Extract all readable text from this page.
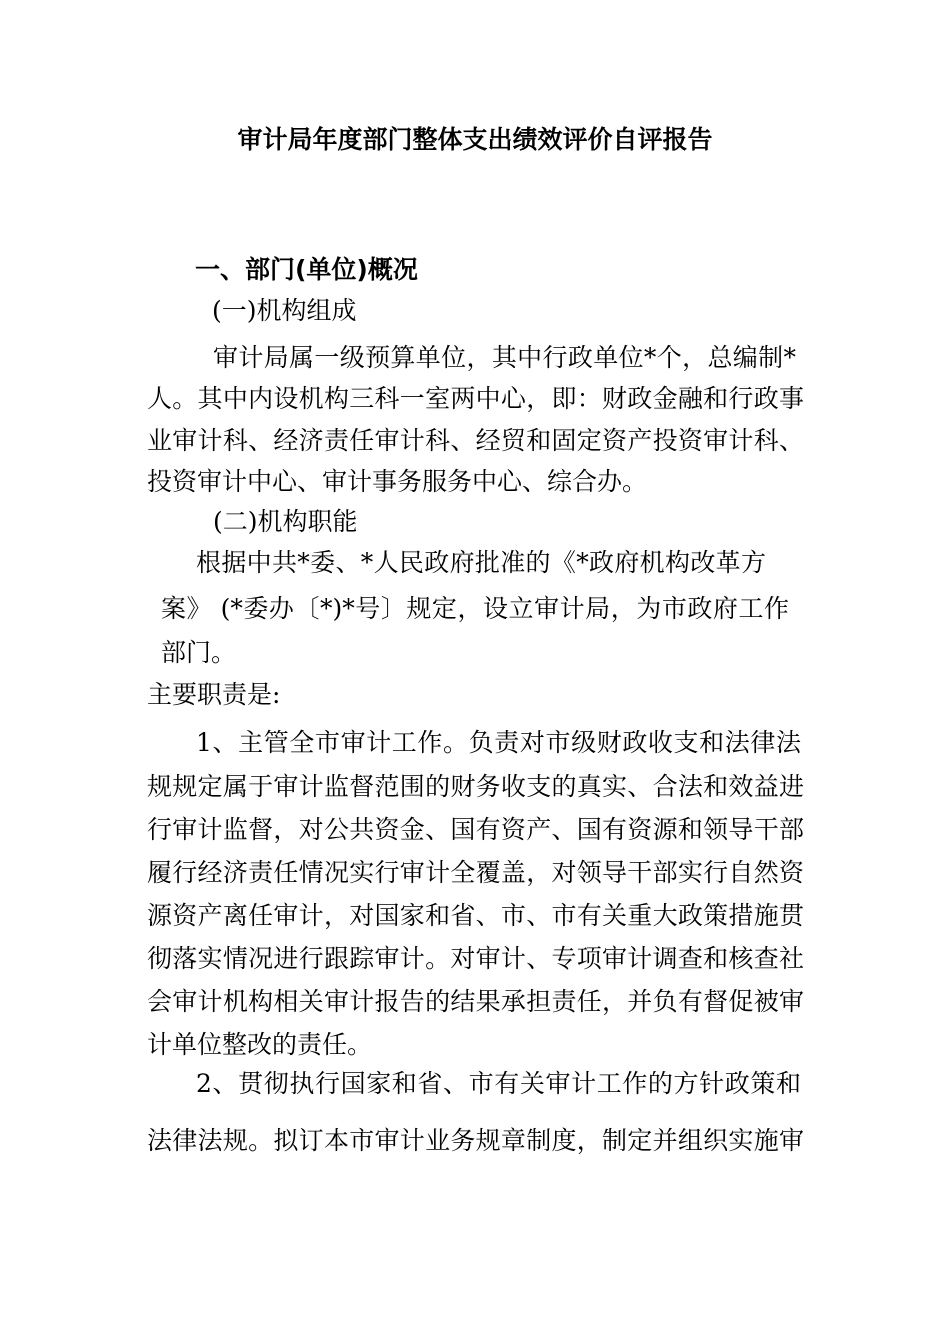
审计局年度部门整体支出绩效评价自评报告
一、部门(单位)概况
(一)机构组成
审计局属一级预算单位，其中行政单位*个，总编制*
人。其中内设机构三科一室两中心，即：财政金融和行政事
业审计科、经济责任审计科、经贸和固定资产投资审计科、
投资审计中心、审计事务服务中心、综合办。
(二)机构职能
根据中共*委、*人民政府批准的《*政府机构改革方
案》 (*委办〔*)*号〕规定，设立审计局，为市政府工作
部门。
主要职责是:
1、主管全市审计工作。负责对市级财政收支和法律法
规规定属于审计监督范围的财务收支的真实、合法和效益进
行审计监督，对公共资金、国有资产、国有资源和领导干部
履行经济责任情况实行审计全覆盖，对领导干部实行自然资
源资产离任审计，对国家和省、市、市有关重大政策措施贯
彻落实情况进行跟踪审计。对审计、专项审计调查和核查社
会审计机构相关审计报告的结果承担责任，并负有督促被审
计单位整改的责任。
2、贯彻执行国家和省、市有关审计工作的方针政策和
法律法规。拟订本市审计业务规章制度，制定并组织实施审
